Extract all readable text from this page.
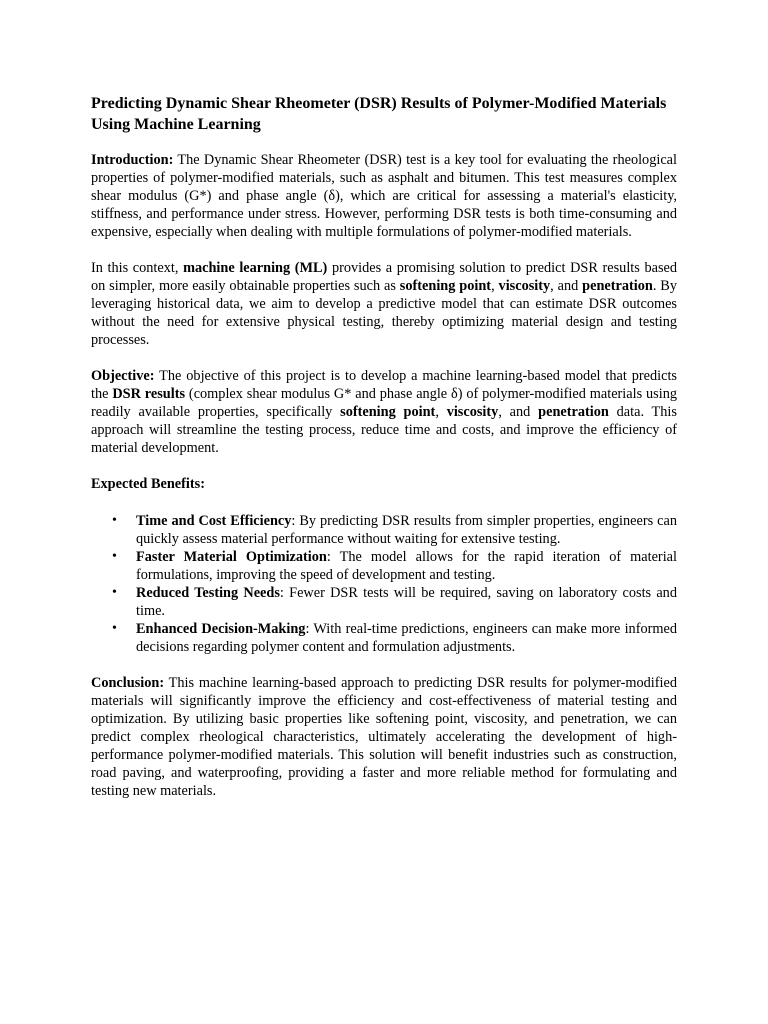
Predicting Dynamic Shear Rheometer (DSR) Results of Polymer-Modified Materials Using Machine Learning

Introduction: The Dynamic Shear Rheometer (DSR) test is a key tool for evaluating the rheological properties of polymer-modified materials, such as asphalt and bitumen. This test measures complex shear modulus (G*) and phase angle (δ), which are critical for assessing a material's elasticity, stiffness, and performance under stress. However, performing DSR tests is both time-consuming and expensive, especially when dealing with multiple formulations of polymer-modified materials.

In this context, machine learning (ML) provides a promising solution to predict DSR results based on simpler, more easily obtainable properties such as softening point, viscosity, and penetration. By leveraging historical data, we aim to develop a predictive model that can estimate DSR outcomes without the need for extensive physical testing, thereby optimizing material design and testing processes.

Objective: The objective of this project is to develop a machine learning-based model that predicts the DSR results (complex shear modulus G* and phase angle δ) of polymer-modified materials using readily available properties, specifically softening point, viscosity, and penetration data. This approach will streamline the testing process, reduce time and costs, and improve the efficiency of material development.

Expected Benefits:
• Time and Cost Efficiency: By predicting DSR results from simpler properties, engineers can quickly assess material performance without waiting for extensive testing.
• Faster Material Optimization: The model allows for the rapid iteration of material formulations, improving the speed of development and testing.
• Reduced Testing Needs: Fewer DSR tests will be required, saving on laboratory costs and time.
• Enhanced Decision-Making: With real-time predictions, engineers can make more informed decisions regarding polymer content and formulation adjustments.

Conclusion: This machine learning-based approach to predicting DSR results for polymer-modified materials will significantly improve the efficiency and cost-effectiveness of material testing and optimization. By utilizing basic properties like softening point, viscosity, and penetration, we can predict complex rheological characteristics, ultimately accelerating the development of high-performance polymer-modified materials. This solution will benefit industries such as construction, road paving, and waterproofing, providing a faster and more reliable method for formulating and testing new materials.
